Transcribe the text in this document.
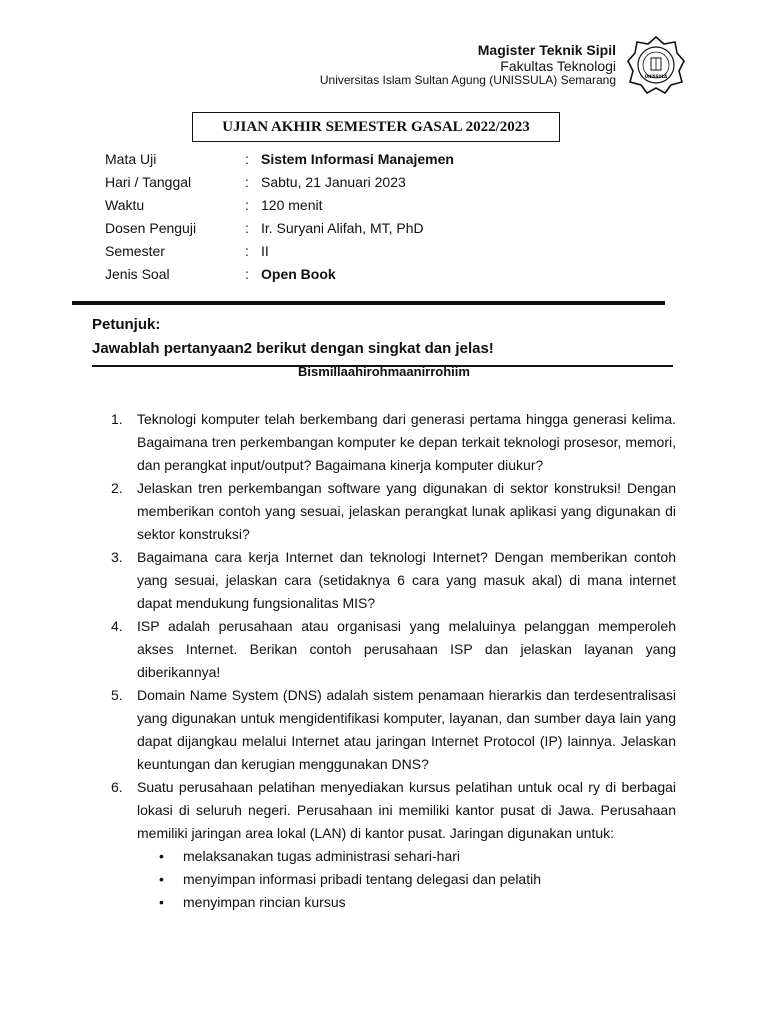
Magister Teknik Sipil
Fakultas Teknologi
Universitas Islam Sultan Agung (UNISSULA) Semarang	UNISSULA
UJIAN AKHIR SEMESTER GASAL 2022/2023
Mata Uji	: Sistem Informasi Manajemen
Hari / Tanggal	: Sabtu, 21 Januari 2023
Waktu	: 120 menit
Dosen Penguji	: Ir. Suryani Alifah, MT, PhD
Semester	: II
Jenis Soal	: Open Book
Petunjuk:
Jawablah pertanyaan2 berikut dengan singkat dan jelas!
Bismillaahirohmaanirrohiim
1.	Teknologi komputer telah berkembang dari generasi pertama hingga generasi kelima. Bagaimana tren perkembangan komputer ke depan terkait teknologi prosesor, memori, dan perangkat input/output? Bagaimana kinerja komputer diukur?
2.	Jelaskan tren perkembangan software yang digunakan di sektor konstruksi! Dengan memberikan contoh yang sesuai, jelaskan perangkat lunak aplikasi yang digunakan di sektor konstruksi?
3.	Bagaimana cara kerja Internet dan teknologi Internet? Dengan memberikan contoh yang sesuai, jelaskan cara (setidaknya 6 cara yang masuk akal) di mana internet dapat mendukung fungsionalitas MIS?
4.	ISP adalah perusahaan atau organisasi yang melaluinya pelanggan memperoleh akses Internet. Berikan contoh perusahaan ISP dan jelaskan layanan yang diberikannya!
5.	Domain Name System (DNS) adalah sistem penamaan hierarkis dan terdesentralisasi yang digunakan untuk mengidentifikasi komputer, layanan, dan sumber daya lain yang dapat dijangkau melalui Internet atau jaringan Internet Protocol (IP) lainnya. Jelaskan keuntungan dan kerugian menggunakan DNS?
6.	Suatu perusahaan pelatihan menyediakan kursus pelatihan untuk ocal ry di berbagai lokasi di seluruh negeri. Perusahaan ini memiliki kantor pusat di Jawa. Perusahaan memiliki jaringan area lokal (LAN) di kantor pusat. Jaringan digunakan untuk:
•	melaksanakan tugas administrasi sehari-hari
•	menyimpan informasi pribadi tentang delegasi dan pelatih
•	menyimpan rincian kursus
